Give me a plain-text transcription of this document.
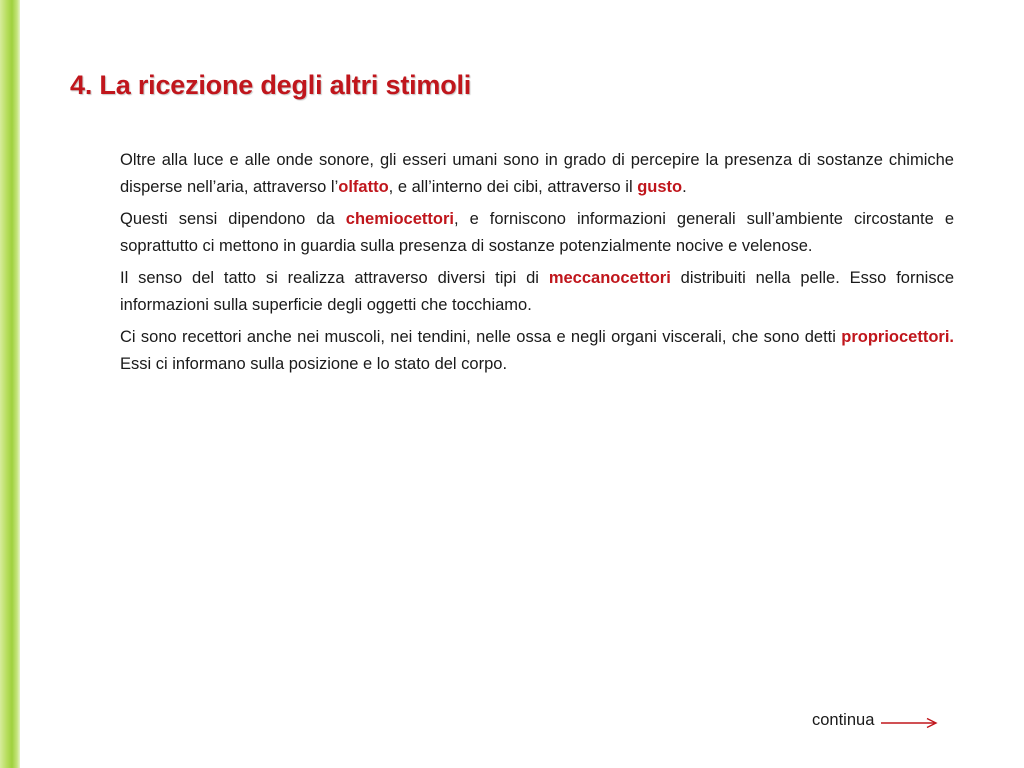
4. La ricezione degli altri stimoli

Oltre alla luce e alle onde sonore, gli esseri umani sono in grado di percepire la presenza di sostanze chimiche disperse nell’aria, attraverso l’olfatto, e all’interno dei cibi, attraverso il gusto.

Questi sensi dipendono da chemiocettori, e forniscono informazioni generali sull’ambiente circostante e soprattutto ci mettono in guardia sulla presenza di sostanze potenzialmente nocive e velenose.

Il senso del tatto si realizza attraverso diversi tipi di meccanocettori distribuiti nella pelle. Esso fornisce informazioni sulla superficie degli oggetti che tocchiamo.

Ci sono recettori anche nei muscoli, nei tendini, nelle ossa e negli organi viscerali, che sono detti propriocettori. Essi ci informano sulla posizione e lo stato del corpo.

continua
